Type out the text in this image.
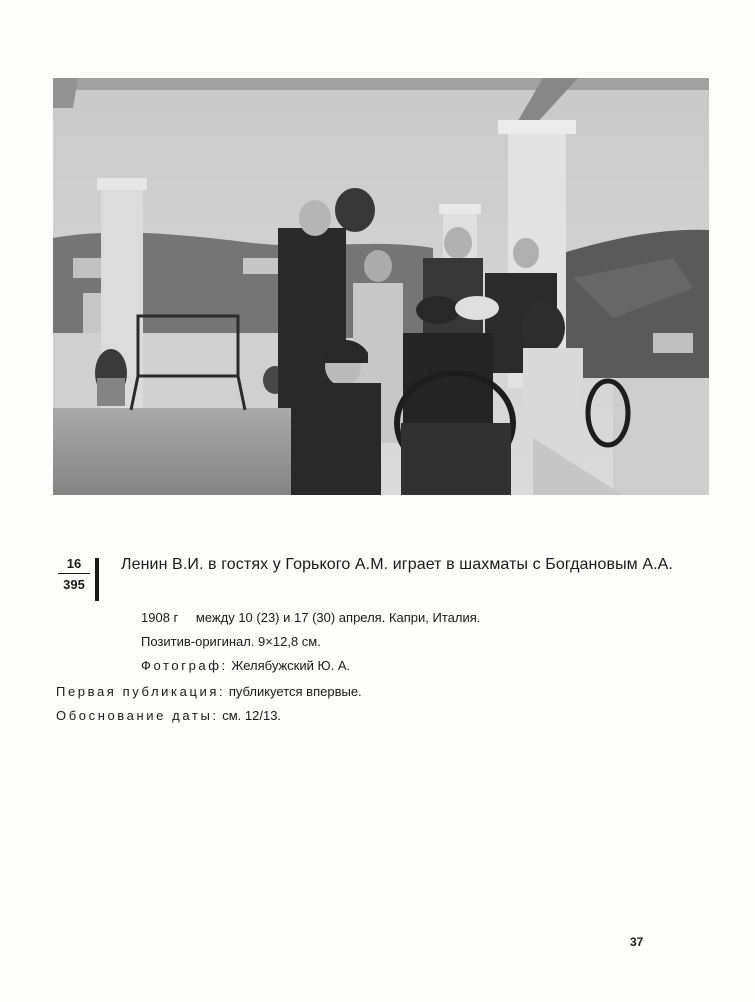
16
395
Ленин В.И. в гостях у Горького А.М. играет в шахматы с Богдановым А.А.
1908 г между 10 (23) и 17 (30) апреля. Капри, Италия.
Позитив-оригинал. 9×12,8 см.
Фотограф: Желябужский Ю. А.
Первая публикация: публикуется впервые.
Обоснование даты: см. 12/13.
37
